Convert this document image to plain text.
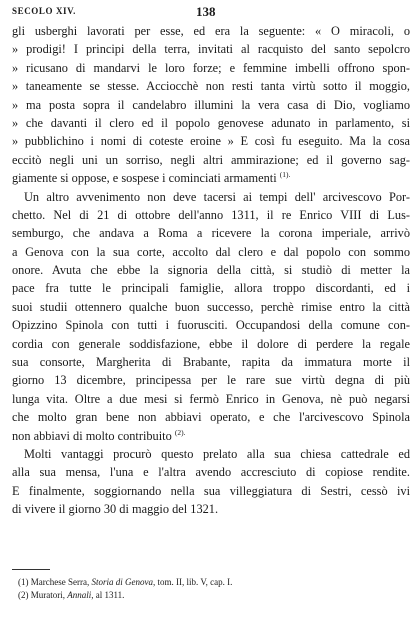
SECOLO XIV.	138
gli usberghi lavorati per esse, ed era la seguente: « O miracoli, o
» prodigi! I principi della terra, invitati al racquisto del santo sepolcro
» ricusano di mandarvi le loro forze; e femmine imbelli offrono spon-
» taneamente se stesse. Acciocchè non resti tanta virtù sotto il moggio,
» ma posta sopra il candelabro illumini la vera casa di Dio, vogliamo
» che davanti il clero ed il popolo genovese adunato in parlamento, si
» pubblichino i nomi di coteste eroine » E così fu eseguito. Ma la cosa
eccitò negli uni un sorriso, negli altri ammirazione; ed il governo sag-
giamente si oppose, e sospese i cominciati armamenti $^{(1).}$
Un altro avvenimento non deve tacersi ai tempi dell' arcivescovo Por-
chetto. Nel di 21 di ottobre dell'anno 1311, il re Enrico VIII di Lus-
semburgo, che andava a Roma a ricevere la corona imperiale, arrivò
a Genova con la sua corte, accolto dal clero e dal popolo con sommo
onore. Avuta che ebbe la signoria della città, si studiò di metter la
pace fra tutte le principali famiglie, allora troppo discordanti, ed i
suoi studii ottennero qualche buon successo, perchè rimise entro la città
Opizzino Spinola con tutti i fuorusciti. Occupandosi della comune con-
cordia con generale soddisfazione, ebbe il dolore di perdere la regale
sua consorte, Margherita di Brabante, rapita da immatura morte il
giorno 13 dicembre, principessa per le rare sue virtù degna di più
lunga vita. Oltre a due mesi si fermò Enrico in Genova, nè può negarsi
che molto gran bene non abbiavi operato, e che l'arcivescovo Spinola
non abbiavi di molto contribuito $^{(2).}$
Molti vantaggi procurò questo prelato alla sua chiesa cattedrale ed
alla sua mensa, l'una e l'altra avendo accresciuto di copiose rendite.
E finalmente, soggiornando nella sua villeggiatura di Sestri, cessò ivi
di vivere il giorno 30 di maggio del 1321.
(1) Marchese Serra, Storia di Genova, tom. II, lib. V, cap. I.
(2) Muratori, Annali, al 1311.
